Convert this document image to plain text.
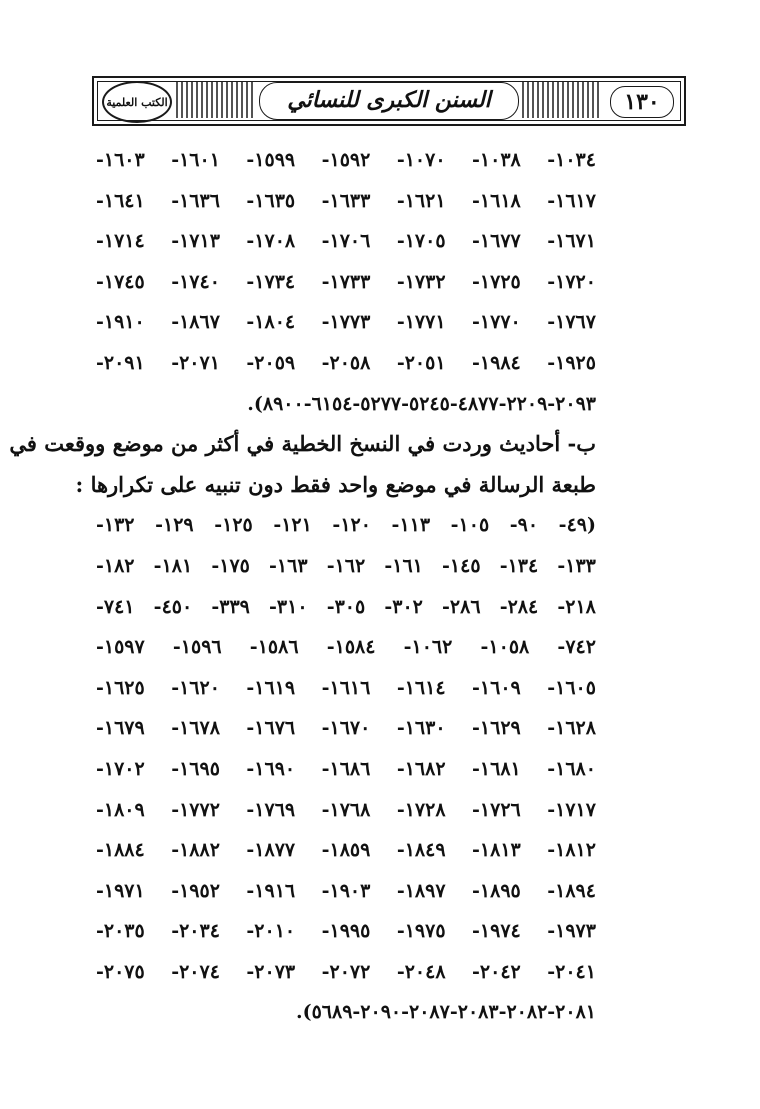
الكتب العلمية	السنن الكبرى للنسائي	١٣٠
١٠٣٤- ١٠٣٨- ١٠٧٠- ١٥٩٢- ١٥٩٩- ١٦٠١- ١٦٠٣-
١٦١٧- ١٦١٨- ١٦٢١- ١٦٣٣- ١٦٣٥- ١٦٣٦- ١٦٤١-
١٦٧١- ١٦٧٧- ١٧٠٥- ١٧٠٦- ١٧٠٨- ١٧١٣- ١٧١٤-
١٧٢٠- ١٧٢٥- ١٧٣٢- ١٧٣٣- ١٧٣٤- ١٧٤٠- ١٧٤٥-
١٧٦٧- ١٧٧٠- ١٧٧١- ١٧٧٣- ١٨٠٤- ١٨٦٧- ١٩١٠-
١٩٢٥- ١٩٨٤- ٢٠٥١- ٢٠٥٨- ٢٠٥٩- ٢٠٧١- ٢٠٩١-
٢٠٩٣-٢٢٠٩-٤٨٧٧-٥٢٤٥-٥٢٧٧-٦١٥٤-٨٩٠٠).
ب- أحاديث وردت في النسخ الخطية في أكثر من موضع ووقعت في
طبعة الرسالة في موضع واحد فقط دون تنبيه على تكرارها :
(٤٩- ٩٠- ١٠٥- ١١٣- ١٢٠- ١٢١- ١٢٥- ١٢٩- ١٣٢-
١٣٣- ١٣٤- ١٤٥- ١٦١- ١٦٢- ١٦٣- ١٧٥- ١٨١- ١٨٢-
٢١٨- ٢٨٤- ٢٨٦- ٣٠٢- ٣٠٥- ٣١٠- ٣٣٩- ٤٥٠- ٧٤١-
٧٤٢- ١٠٥٨- ١٠٦٢- ١٥٨٤- ١٥٨٦- ١٥٩٦- ١٥٩٧-
١٦٠٥- ١٦٠٩- ١٦١٤- ١٦١٦- ١٦١٩- ١٦٢٠- ١٦٢٥-
١٦٢٨- ١٦٢٩- ١٦٣٠- ١٦٧٠- ١٦٧٦- ١٦٧٨- ١٦٧٩-
١٦٨٠- ١٦٨١- ١٦٨٢- ١٦٨٦- ١٦٩٠- ١٦٩٥- ١٧٠٢-
١٧١٧- ١٧٢٦- ١٧٢٨- ١٧٦٨- ١٧٦٩- ١٧٧٢- ١٨٠٩-
١٨١٢- ١٨١٣- ١٨٤٩- ١٨٥٩- ١٨٧٧- ١٨٨٢- ١٨٨٤-
١٨٩٤- ١٨٩٥- ١٨٩٧- ١٩٠٣- ١٩١٦- ١٩٥٢- ١٩٧١-
١٩٧٣- ١٩٧٤- ١٩٧٥- ١٩٩٥- ٢٠١٠- ٢٠٣٤- ٢٠٣٥-
٢٠٤١- ٢٠٤٢- ٢٠٤٨- ٢٠٧٢- ٢٠٧٣- ٢٠٧٤- ٢٠٧٥-
٢٠٨١-٢٠٨٢-٢٠٨٣-٢٠٨٧-٢٠٩٠-٥٦٨٩).
